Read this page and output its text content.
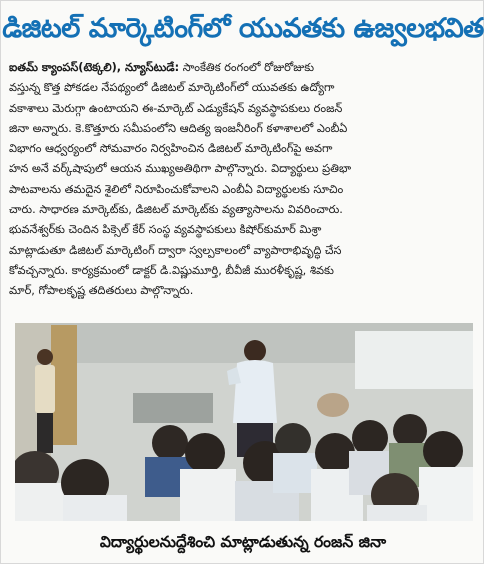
డిజిటల్ మార్కెటింగ్‌లో యువతకు ఉజ్వలభవిత
ఐతమ్ క్యాంపస్(టెక్కలి), న్యూస్‌టుడే: సాంకేతిక రంగంలో రోజురోజుకు
వస్తున్న కొత్త పోకడల నేపథ్యంలో డిజిటల్ మార్కెటింగ్‌లో యువతకు ఉద్యోగా
వకాశాలు మెరుగ్గా ఉంటాయని ఈ-మార్కెట్ ఎడ్యుకేషన్ వ్యవస్థాపకులు రంజన్
జినా అన్నారు. కె.కొత్తూరు సమీపంలోని ఆదిత్య ఇంజనీరింగ్ కళాశాలలో ఎంబీఏ
విభాగం ఆధ్వర్యంలో సోమవారం నిర్వహించిన డిజిటల్ మార్కెటింగ్‌పై అవగా
హన అనే వర్క్‌షాపులో ఆయన ముఖ్యఅతిథిగా పాల్గొన్నారు. విద్యార్థులు ప్రతిభా
పాటవాలను తమదైన శైలిలో నిరూపించుకోవాలని ఎంబీఏ విద్యార్థులకు సూచిం
చారు. సాధారణ మార్కెట్‌కు, డిజిటల్ మార్కెట్‌కు వ్యత్యాసాలను వివరించారు.
భువనేశ్వర్‌కు చెందిన పిక్సెల్ కేర్ సంస్థ వ్యవస్థాపకులు కిషోర్‌కుమార్ మిశ్రా
మాట్లాడుతూ డిజిటల్ మార్కెటింగ్ ద్వారా స్వల్పకాలంలో వ్యాపారాభివృద్ధి చేస
కోవచ్చన్నారు. కార్యక్రమంలో డాక్టర్ డి.విష్ణుమూర్తి, బీవీజీ మురళీకృష్ణ, శివకు
మార్, గోపాలకృష్ణ తదితరులు పాల్గొన్నారు.
విద్యార్థులనుద్దేశించి మాట్లాడుతున్న రంజన్ జినా
